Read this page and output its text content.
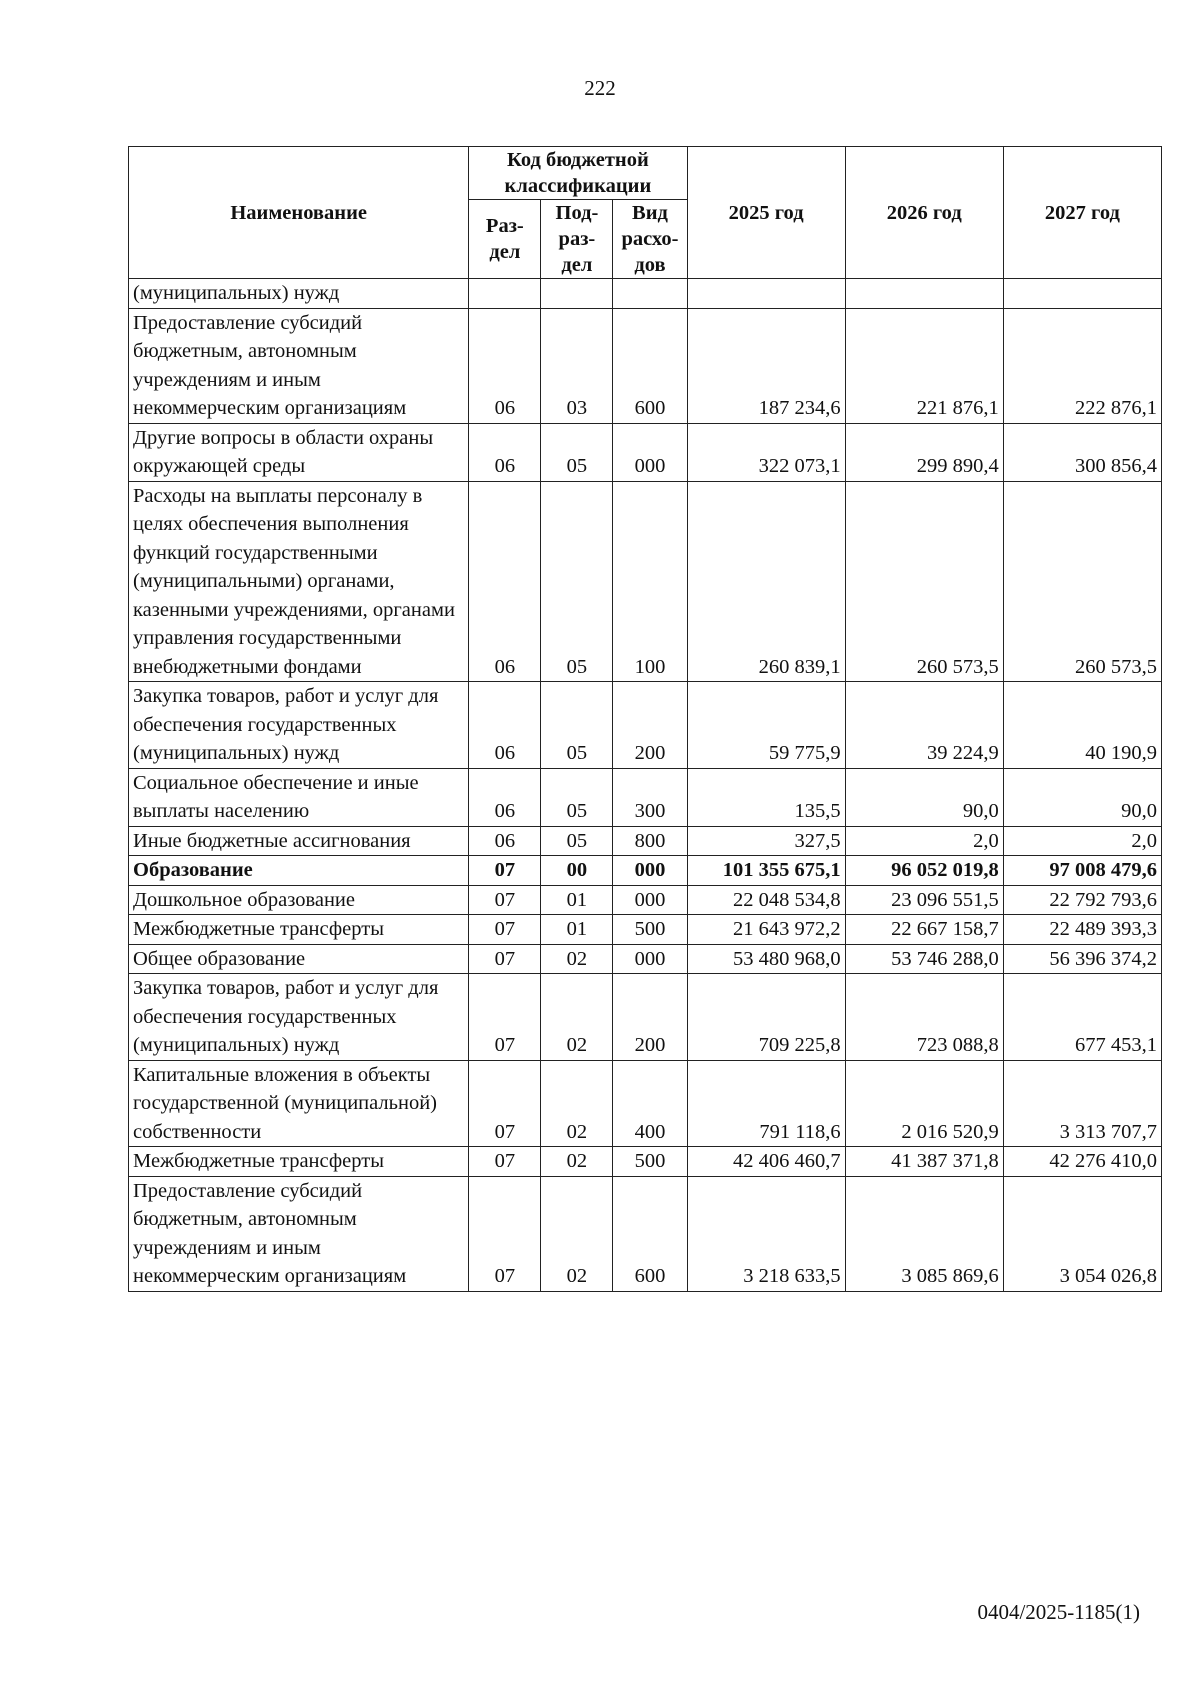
222
Наименование	Код бюджетной классификации			2025 год	2026 год	2027 год
	Раз-дел	Под-раз-дел	Вид расхо-дов			
(муниципальных) нужд						
Предоставление субсидий бюджетным, автономным учреждениям и иным некоммерческим организациям	06	03	600	187 234,6	221 876,1	222 876,1
Другие вопросы в области охраны окружающей среды	06	05	000	322 073,1	299 890,4	300 856,4
Расходы на выплаты персоналу в целях обеспечения выполнения функций государственными (муниципальными) органами, казенными учреждениями, органами управления государственными внебюджетными фондами	06	05	100	260 839,1	260 573,5	260 573,5
Закупка товаров, работ и услуг для обеспечения государственных (муниципальных) нужд	06	05	200	59 775,9	39 224,9	40 190,9
Социальное обеспечение и иные выплаты населению	06	05	300	135,5	90,0	90,0
Иные бюджетные ассигнования	06	05	800	327,5	2,0	2,0
Образование	07	00	000	101 355 675,1	96 052 019,8	97 008 479,6
Дошкольное образование	07	01	000	22 048 534,8	23 096 551,5	22 792 793,6
Межбюджетные трансферты	07	01	500	21 643 972,2	22 667 158,7	22 489 393,3
Общее образование	07	02	000	53 480 968,0	53 746 288,0	56 396 374,2
Закупка товаров, работ и услуг для обеспечения государственных (муниципальных) нужд	07	02	200	709 225,8	723 088,8	677 453,1
Капитальные вложения в объекты государственной (муниципальной) собственности	07	02	400	791 118,6	2 016 520,9	3 313 707,7
Межбюджетные трансферты	07	02	500	42 406 460,7	41 387 371,8	42 276 410,0
Предоставление субсидий бюджетным, автономным учреждениям и иным некоммерческим организациям	07	02	600	3 218 633,5	3 085 869,6	3 054 026,8
0404/2025-1185(1)
